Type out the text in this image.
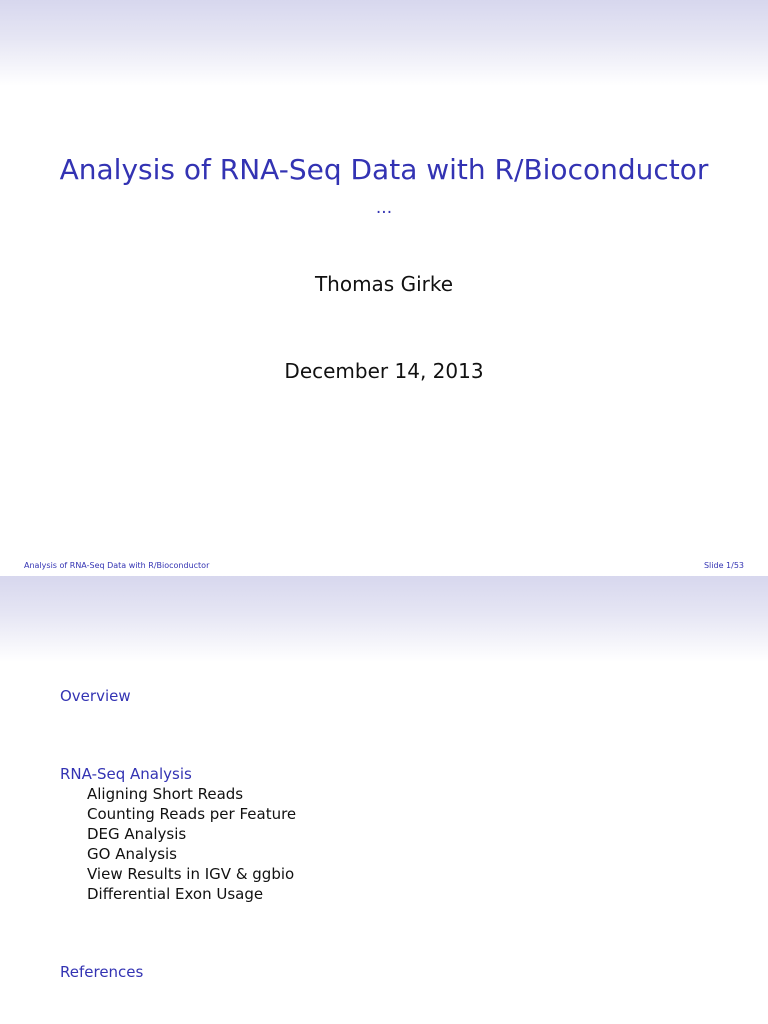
Analysis of RNA-Seq Data with R/Bioconductor
...
Thomas Girke
December 14, 2013
Analysis of RNA-Seq Data with R/Bioconductor	Slide 1/53
Overview
RNA-Seq Analysis
Aligning Short Reads
Counting Reads per Feature
DEG Analysis
GO Analysis
View Results in IGV & ggbio
Differential Exon Usage
References
